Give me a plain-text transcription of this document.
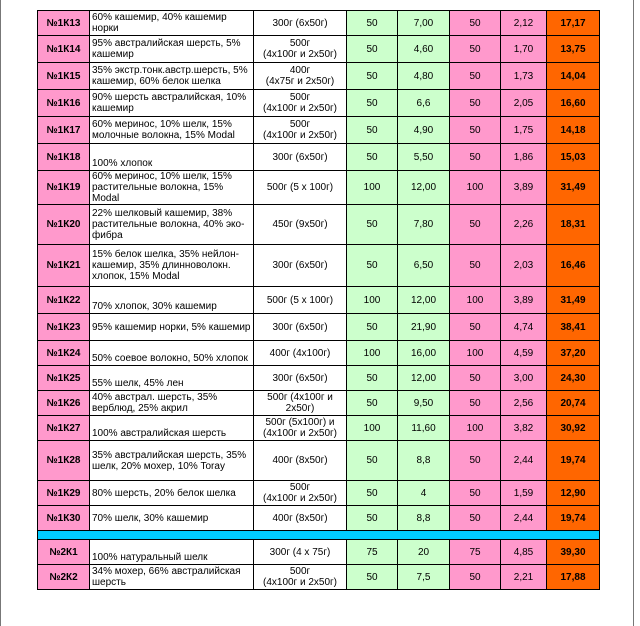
№1К13	60% кашемир, 40% кашемир норки	300г (6х50г)	50	7,00	50	2,12	17,17
№1К14	95% австралийская шерсть, 5% кашемир	500г
(4х100г и 2х50г)	50	4,60	50	1,70	13,75
№1К15	35% экстр.тонк.австр.шерсть, 5% кашемир, 60% белок шелка	400г
(4х75г и 2х50г)	50	4,80	50	1,73	14,04
№1К16	90% шерсть австралийская, 10% кашемир	500г
(4х100г и 2х50г)	50	6,6	50	2,05	16,60
№1К17	60% меринос, 10% шелк, 15% молочные волокна, 15% Modal	500г
(4х100г и 2х50г)	50	4,90	50	1,75	14,18
№1К18	100% хлопок	300г (6х50г)	50	5,50	50	1,86	15,03
№1К19	60% меринос, 10% шелк, 15% растительные волокна, 15% Modal	500г (5 х 100г)	100	12,00	100	3,89	31,49
№1К20	22% шелковый кашемир, 38% растительные волокна, 40% эко-фибра	450г (9х50г)	50	7,80	50	2,26	18,31
№1К21	15% белок шелка, 35% нейлон-кашемир, 35% длинноволокн. хлопок, 15% Modal	300г (6х50г)	50	6,50	50	2,03	16,46
№1К22	70% хлопок, 30% кашемир	500г (5 х 100г)	100	12,00	100	3,89	31,49
№1К23	95% кашемир норки, 5% кашемир	300г (6х50г)	50	21,90	50	4,74	38,41
№1К24	50% соевое волокно, 50% хлопок	400г (4х100г)	100	16,00	100	4,59	37,20
№1К25	55% шелк, 45% лен	300г (6х50г)	50	12,00	50	3,00	24,30
№1К26	40% австрал. шерсть, 35% верблюд, 25% акрил	500г (4х100г и 2х50г)	50	9,50	50	2,56	20,74
№1К27	100% австралийская шерсть	500г (5х100г) и
(4х100г и 2х50г)	100	11,60	100	3,82	30,92
№1К28	35% австралийская шерсть, 35% шелк, 20% мохер, 10% Toray	400г (8х50г)	50	8,8	50	2,44	19,74
№1К29	80% шерсть, 20% белок шелка	500г
(4х100г и 2х50г)	50	4	50	1,59	12,90
№1К30	70% шелк, 30% кашемир	400г (8х50г)	50	8,8	50	2,44	19,74

№2К1	100% натуральный шелк	300г (4 х 75г)	75	20	75	4,85	39,30
№2К2	34% мохер, 66% австралийская шерсть	500г
(4х100г и 2х50г)	50	7,5	50	2,21	17,88
